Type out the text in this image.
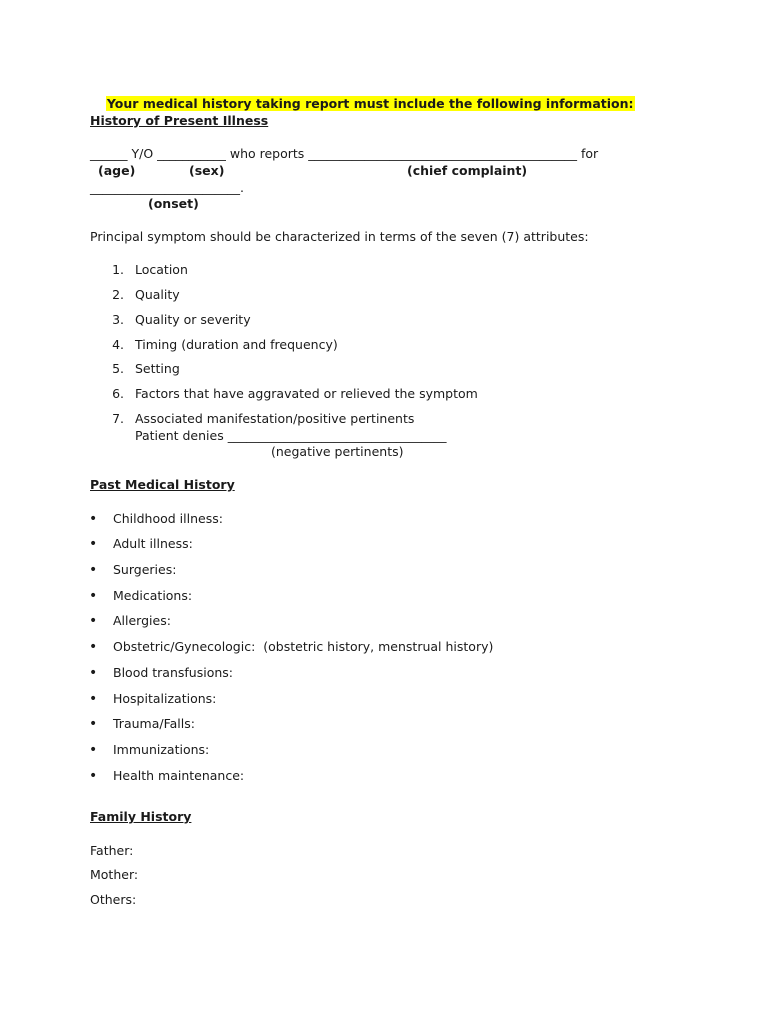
Your medical history taking report must include the following information:

History of Present Illness
______ Y/O ___________ who reports ___________________________________________ for
(age)	(sex)	(chief complaint)
________________________.
(onset)
Principal symptom should be characterized in terms of the seven (7) attributes:
1. Location
2. Quality
3. Quality or severity
4. Timing (duration and frequency)
5. Setting
6. Factors that have aggravated or relieved the symptom
7. Associated manifestation/positive pertinents
Patient denies ___________________________________
(negative pertinents)
Past Medical History
• Childhood illness:
• Adult illness:
• Surgeries:
• Medications:
• Allergies:
• Obstetric/Gynecologic:  (obstetric history, menstrual history)
• Blood transfusions:
• Hospitalizations:
• Trauma/Falls:
• Immunizations:
• Health maintenance:
Family History
Father:
Mother:
Others:
